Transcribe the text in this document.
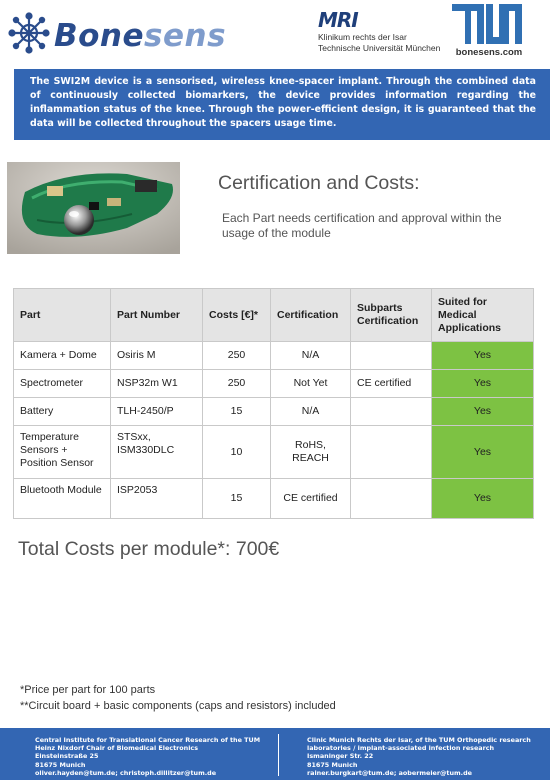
Bonesens	MRI
Klinikum rechts der Isar
Technische Universität München	bonesens.com

The SWI2M device is a sensorised, wireless knee-spacer implant. Through the combined data of continuously collected biomarkers, the device provides information regarding the inflammation status of the knee. Through the power-efficient design, it is guaranteed that the data will be collected throughout the spacers usage time.

Certification and Costs:
Each Part needs certification and approval within the usage of the module
Part	Part Number	Costs [€]*	Certification	Subparts Certification	Suited for Medical Applications
Kamera + Dome	Osiris M	250	N/A		Yes
Spectrometer	NSP32m W1	250	Not Yet	CE certified	Yes
Battery	TLH-2450/P	15	N/A		Yes
Temperature Sensors + Position Sensor	STSxx, ISM330DLC	10	RoHS, REACH		Yes
Bluetooth Module	ISP2053	15	CE certified		Yes
Total Costs per module*: 700€
*Price per part for 100 parts
**Circuit board + basic components (caps and resistors) included
Central Institute for Translational Cancer Research of the TUM
Heinz Nixdorf Chair of Biomedical Electronics
Einsteinstraße 25
81675 Munich
oliver.hayden@tum.de; christoph.dillitzer@tum.de
Clinic Munich Rechts der Isar, of the TUM Orthopedic research
laboratories / implant-associated infection research
Ismaninger Str. 22
81675 Munich
rainer.burgkart@tum.de; aobermeier@tum.de
